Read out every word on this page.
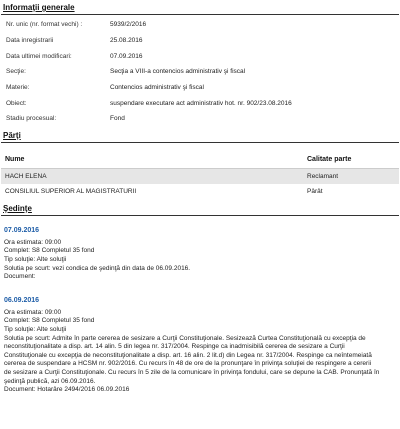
Informaţii generale
Nr. unic (nr. format vechi) :	5939/2/2016
Data inregistrarii	25.08.2016
Data ultimei modificari:	07.09.2016
Secţie:	Secţia a VIII-a contencios administrativ şi fiscal
Materie:	Contencios administrativ şi fiscal
Obiect:	suspendare executare act administrativ hot. nr. 902/23.08.2016
Stadiu procesual:	Fond
Părţi
Nume	Calitate parte
HACH ELENA	Reclamant
CONSILIUL SUPERIOR AL MAGISTRATURII	Pârât
Şedinţe
07.09.2016
Ora estimata: 09:00
Complet: S8 Completul 35 fond
Tip soluţie: Alte soluţii
Solutia pe scurt: vezi condica de şedinţă din data de 06.09.2016.
Document:
06.09.2016
Ora estimata: 09:00
Complet: S8 Completul 35 fond
Tip soluţie: Alte soluţii
Solutia pe scurt: Admite în parte cererea de sesizare a Curţii Constituţionale. Sesizează Curtea Constituţională cu excepţia de
neconstituţionalitate a disp. art. 14 alin. 5 din legea nr. 317/2004. Respinge ca inadmisibilă cererea de sesizare a Curţii
Constituţionale cu excepţia de neconstituţionalitate a disp. art. 16 alin. 2 lit.d) din Legea nr. 317/2004. Respinge ca neîntemeiată
cererea de suspendare a HCSM nr. 902/2016. Cu recurs în 48 de ore de la pronunţare în privinţa soluţiei de respingere a cererii
de sesizare a Curţii Constituţionale. Cu recurs în 5 zile de la comunicare în privinţa fondului, care se depune la CAB. Pronunţată în
şedinţă publică, azi 06.09.2016.
Document: Hotarâre 2494/2016 06.09.2016
